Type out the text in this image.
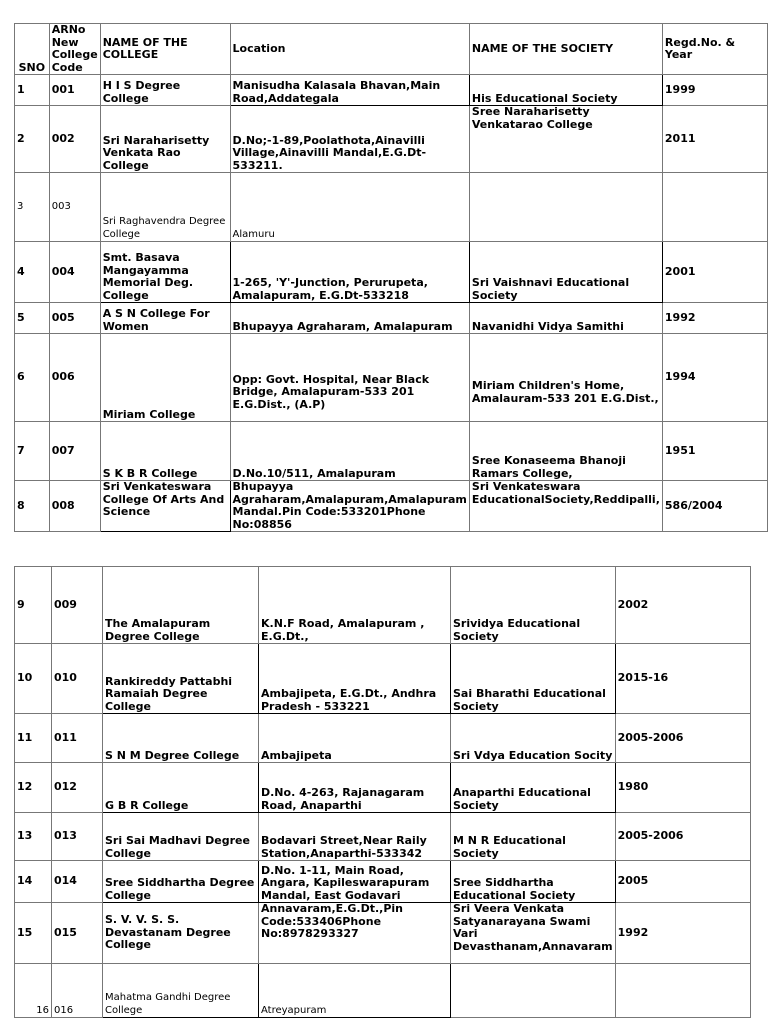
SNO	ARNo New College Code	NAME OF THE COLLEGE	Location	NAME OF THE SOCIETY	Regd.No. & Year
1	001	H I S Degree College	Manisudha Kalasala Bhavan,Main Road,Addategala	His Educational Society	1999
2	002	Sri Naraharisetty Venkata Rao College	D.No;-1-89,Poolathota,Ainavilli Village,Ainavilli Mandal,E.G.Dt-533211.	Sree Naraharisetty Venkatarao College	2011
3	003	Sri Raghavendra Degree College	Alamuru		
4	004	Smt. Basava Mangayamma Memorial Deg. College	1-265, 'Y'-Junction, Perurupeta, Amalapuram, E.G.Dt-533218	Sri Vaishnavi Educational Society	2001
5	005	A S N College For Women	Bhupayya Agraharam, Amalapuram	Navanidhi Vidya Samithi	1992
6	006	Miriam College	Opp: Govt. Hospital, Near Black Bridge, Amalapuram-533 201 E.G.Dist., (A.P)	Miriam Children's Home, Amalauram-533 201 E.G.Dist.,	1994
7	007	S K B R College	D.No.10/511, Amalapuram	Sree Konaseema Bhanoji Ramars College,	1951
8	008	Sri Venkateswara College Of Arts And Science	Bhupayya Agraharam,Amalapuram,Amalapuram Mandal.Pin Code:533201Phone No:08856	Sri Venkateswara EducationalSociety,Reddipalli,	586/2004
9	009	The Amalapuram Degree College	K.N.F Road, Amalapuram , E.G.Dt.,	Srividya Educational Society	2002
10	010	Rankireddy Pattabhi Ramaiah Degree College	Ambajipeta, E.G.Dt., Andhra Pradesh - 533221	Sai Bharathi Educational Society	2015-16
11	011	S N M Degree College	Ambajipeta	Sri Vdya Education Socity	2005-2006
12	012	G B R College	D.No. 4-263, Rajanagaram Road, Anaparthi	Anaparthi Educational Society	1980
13	013	Sri Sai Madhavi Degree College	Bodavari Street,Near Raily Station,Anaparthi-533342	M N R Educational Society	2005-2006
14	014	Sree Siddhartha Degree College	D.No. 1-11, Main Road, Angara, Kapileswarapuram Mandal, East Godavari	Sree Siddhartha Educational Society	2005
15	015	S. V. V. S. S. Devastanam Degree College	Annavaram,E.G.Dt.,Pin Code:533406Phone No:8978293327	Sri Veera Venkata Satyanarayana Swami Vari Devasthanam,Annavaram	1992
16	016	Mahatma Gandhi Degree College	Atreyapuram		
